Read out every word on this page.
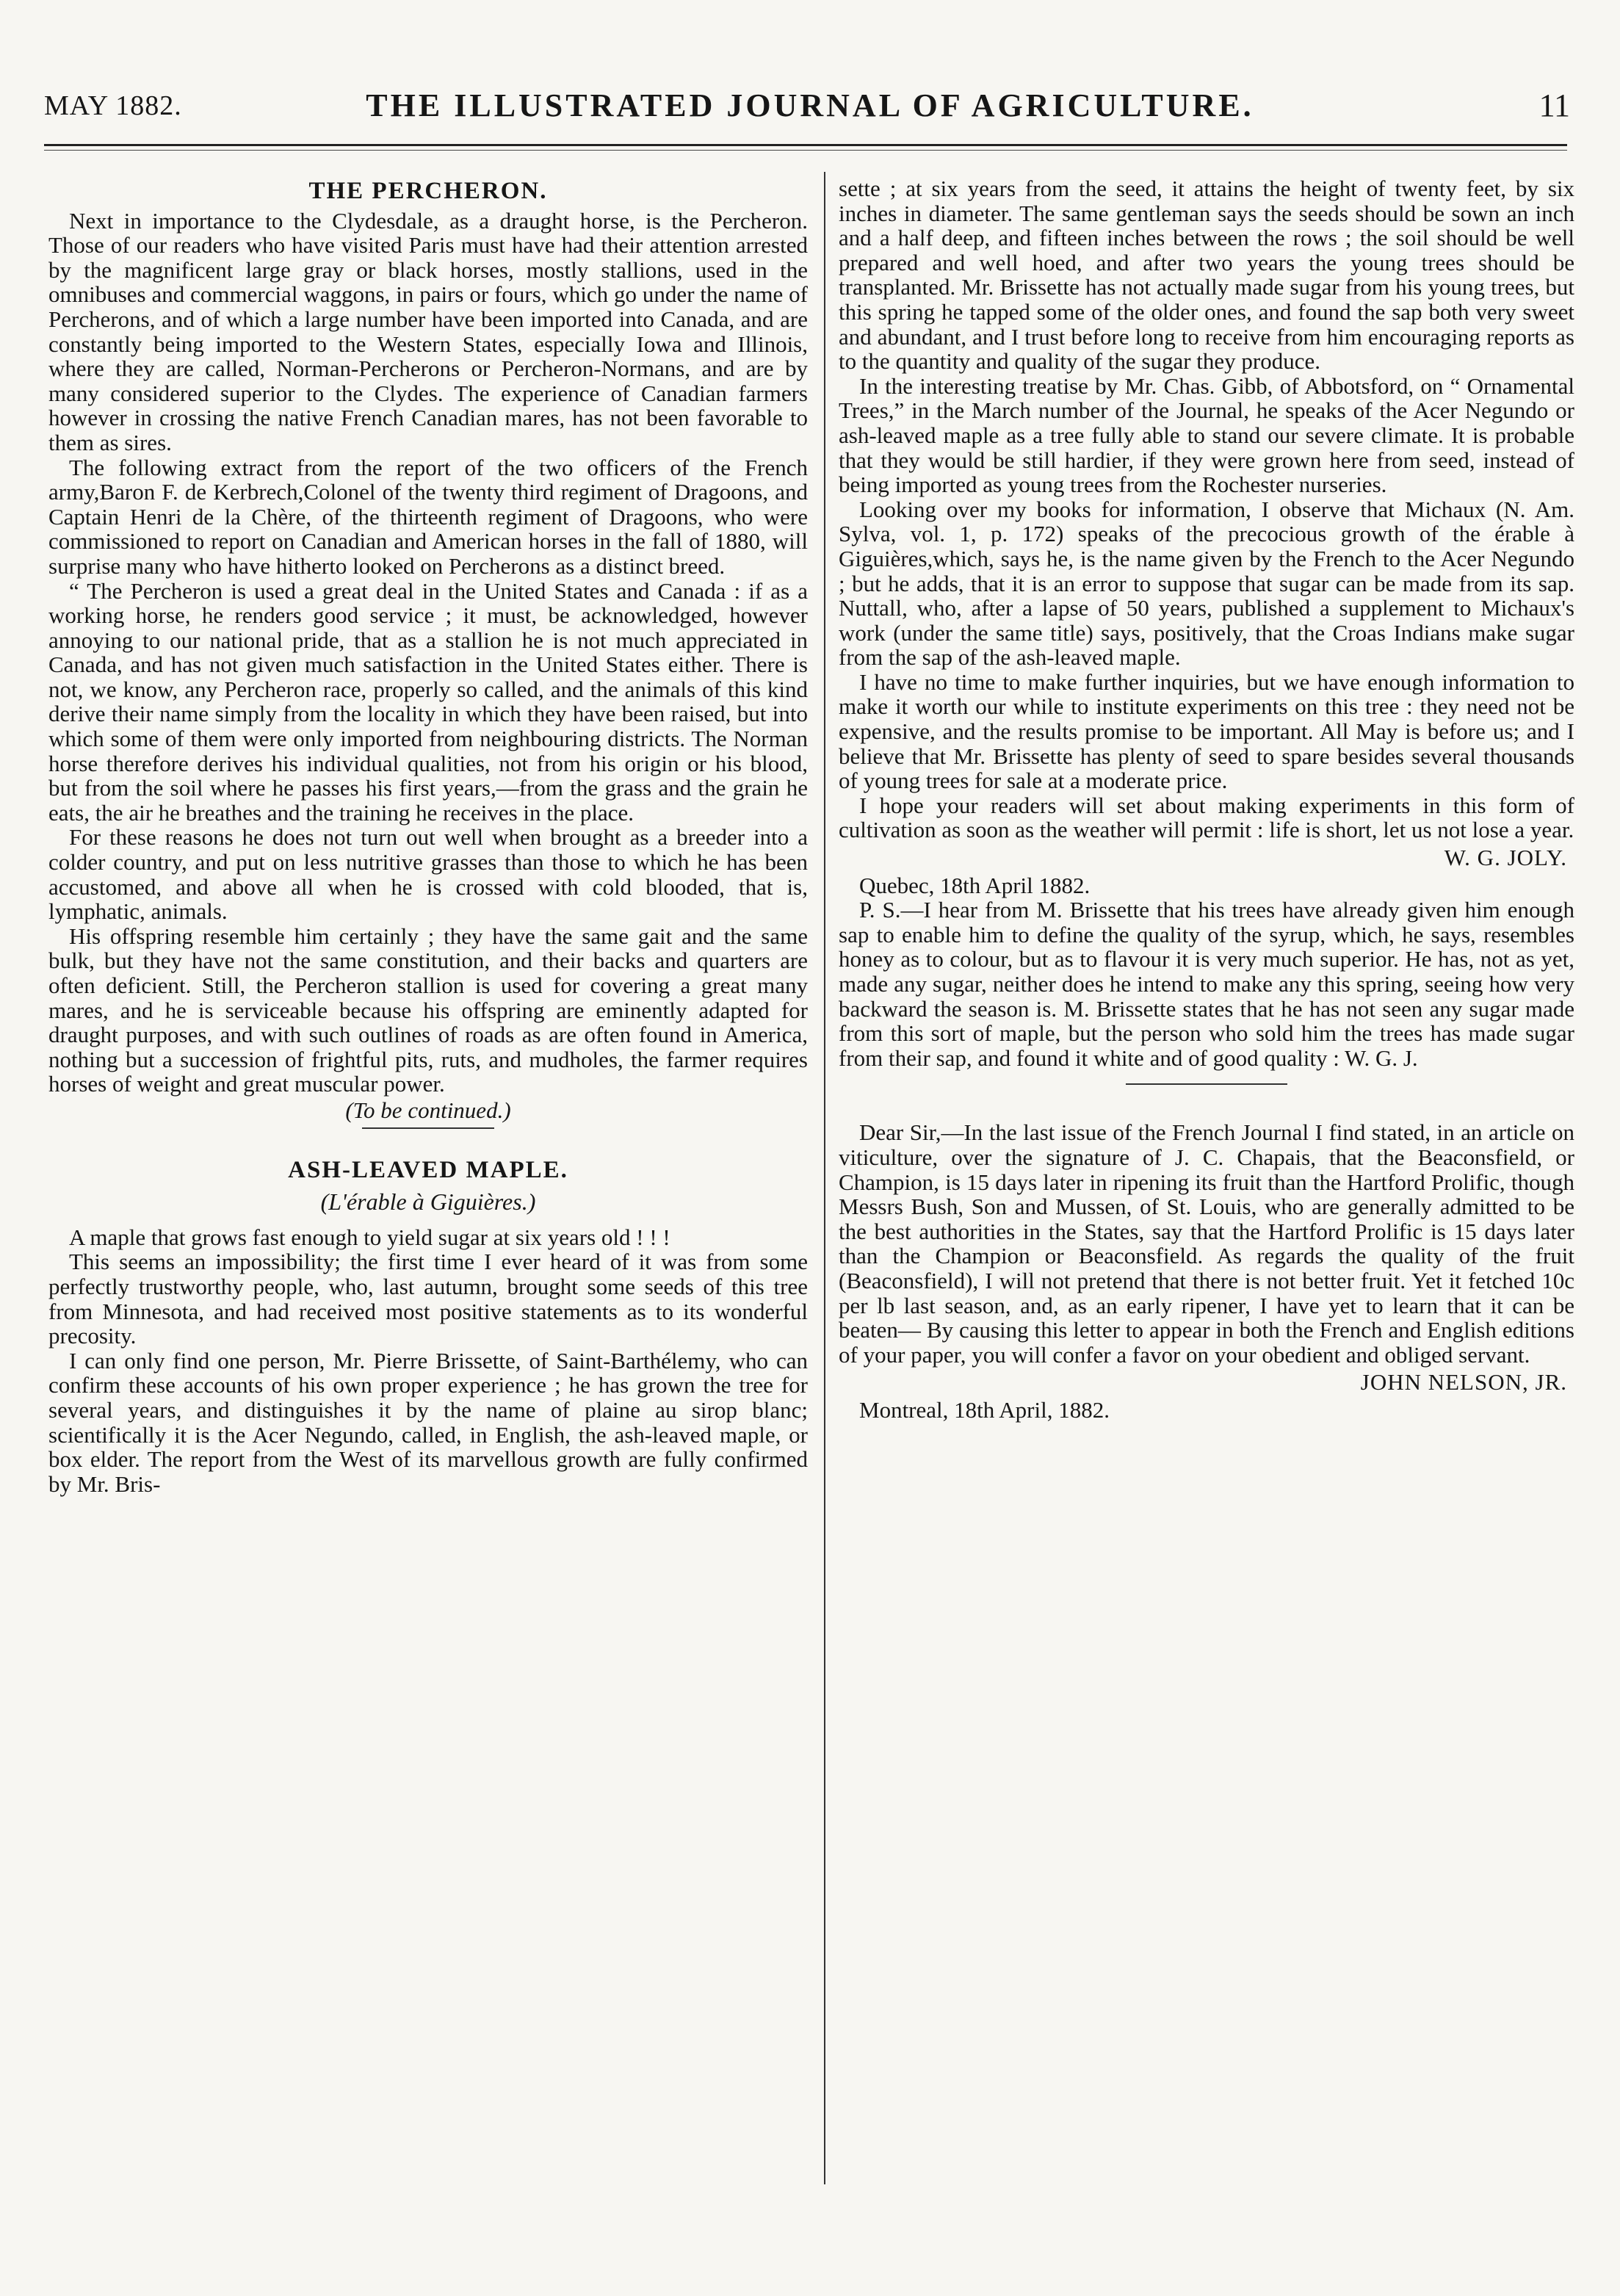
MAY 1882.	THE ILLUSTRATED JOURNAL OF AGRICULTURE.	11
THE PERCHERON.

Next in importance to the Clydesdale, as a draught horse, is the Percheron. Those of our readers who have visited Paris must have had their attention arrested by the magnificent large gray or black horses, mostly stallions, used in the omnibuses and commercial waggons, in pairs or fours, which go under the name of Percherons, and of which a large number have been imported into Canada, and are constantly being imported to the Western States, especially Iowa and Illinois, where they are called, Norman-Percherons or Percheron-Normans, and are by many considered superior to the Clydes. The experience of Canadian farmers however in crossing the native French Canadian mares, has not been favorable to them as sires.

The following extract from the report of the two officers of the French army,Baron F. de Kerbrech,Colonel of the twenty third regiment of Dragoons, and Captain Henri de la Chère, of the thirteenth regiment of Dragoons, who were commissioned to report on Canadian and American horses in the fall of 1880, will surprise many who have hitherto looked on Percherons as a distinct breed.

“ The Percheron is used a great deal in the United States and Canada : if as a working horse, he renders good service ; it must, be acknowledged, however annoying to our national pride, that as a stallion he is not much appreciated in Canada, and has not given much satisfaction in the United States either. There is not, we know, any Percheron race, properly so called, and the animals of this kind derive their name simply from the locality in which they have been raised, but into which some of them were only imported from neighbouring districts. The Norman horse therefore derives his individual qualities, not from his origin or his blood, but from the soil where he passes his first years,—from the grass and the grain he eats, the air he breathes and the training he receives in the place.

For these reasons he does not turn out well when brought as a breeder into a colder country, and put on less nutritive grasses than those to which he has been accustomed, and above all when he is crossed with cold blooded, that is, lymphatic, animals.

His offspring resemble him certainly ; they have the same gait and the same bulk, but they have not the same constitution, and their backs and quarters are often deficient. Still, the Percheron stallion is used for covering a great many mares, and he is serviceable because his offspring are eminently adapted for draught purposes, and with such outlines of roads as are often found in America, nothing but a succession of frightful pits, ruts, and mudholes, the farmer requires horses of weight and great muscular power.

(To be continued.)
ASH-LEAVED MAPLE.
(L'érable à Giguières.)

A maple that grows fast enough to yield sugar at six years old ! ! !

This seems an impossibility; the first time I ever heard of it was from some perfectly trustworthy people, who, last autumn, brought some seeds of this tree from Minnesota, and had received most positive statements as to its wonderful precosity.

I can only find one person, Mr. Pierre Brissette, of Saint-Barthélemy, who can confirm these accounts of his own proper experience ; he has grown the tree for several years, and distinguishes it by the name of plaine au sirop blanc; scientifically it is the Acer Negundo, called, in English, the ash-leaved maple, or box elder. The report from the West of its marvellous growth are fully confirmed by Mr. Bris-

sette ; at six years from the seed, it attains the height of twenty feet, by six inches in diameter. The same gentleman says the seeds should be sown an inch and a half deep, and fifteen inches between the rows ; the soil should be well prepared and well hoed, and after two years the young trees should be transplanted. Mr. Brissette has not actually made sugar from his young trees, but this spring he tapped some of the older ones, and found the sap both very sweet and abundant, and I trust before long to receive from him encouraging reports as to the quantity and quality of the sugar they produce.

In the interesting treatise by Mr. Chas. Gibb, of Abbotsford, on “ Ornamental Trees,” in the March number of the Journal, he speaks of the Acer Negundo or ash-leaved maple as a tree fully able to stand our severe climate. It is probable that they would be still hardier, if they were grown here from seed, instead of being imported as young trees from the Rochester nurseries.

Looking over my books for information, I observe that Michaux (N. Am. Sylva, vol. 1, p. 172) speaks of the precocious growth of the érable à Giguières,which, says he, is the name given by the French to the Acer Negundo ; but he adds, that it is an error to suppose that sugar can be made from its sap. Nuttall, who, after a lapse of 50 years, published a supplement to Michaux's work (under the same title) says, positively, that the Croas Indians make sugar from the sap of the ash-leaved maple.

I have no time to make further inquiries, but we have enough information to make it worth our while to institute experiments on this tree : they need not be expensive, and the results promise to be important. All May is before us; and I believe that Mr. Brissette has plenty of seed to spare besides several thousands of young trees for sale at a moderate price.

I hope your readers will set about making experiments in this form of cultivation as soon as the weather will permit : life is short, let us not lose a year.

W. G. JOLY.

Quebec, 18th April 1882.

P. S.—I hear from M. Brissette that his trees have already given him enough sap to enable him to define the quality of the syrup, which, he says, resembles honey as to colour, but as to flavour it is very much superior. He has, not as yet, made any sugar, neither does he intend to make any this spring, seeing how very backward the season is. M. Brissette states that he has not seen any sugar made from this sort of maple, but the person who sold him the trees has made sugar from their sap, and found it white and of good quality : W. G. J.

Dear Sir,—In the last issue of the French Journal I find stated, in an article on viticulture, over the signature of J. C. Chapais, that the Beaconsfield, or Champion, is 15 days later in ripening its fruit than the Hartford Prolific, though Messrs Bush, Son and Mussen, of St. Louis, who are generally admitted to be the best authorities in the States, say that the Hartford Prolific is 15 days later than the Champion or Beaconsfield. As regards the quality of the fruit (Beaconsfield), I will not pretend that there is not better fruit. Yet it fetched 10c per lb last season, and, as an early ripener, I have yet to learn that it can be beaten— By causing this letter to appear in both the French and English editions of your paper, you will confer a favor on your obedient and obliged servant.

JOHN NELSON, JR.

Montreal, 18th April, 1882.
